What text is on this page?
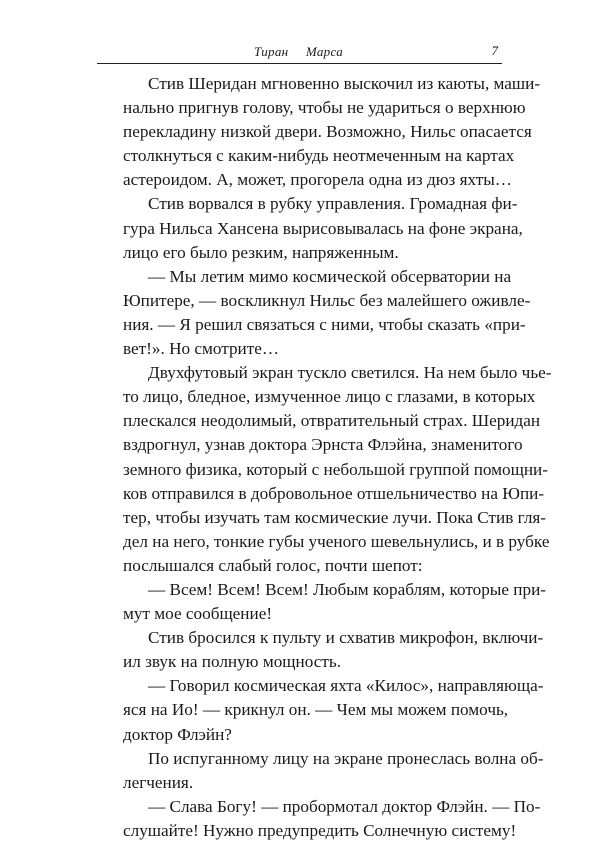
Тиран Марса	7
Стив Шеридан мгновенно выскочил из каюты, маши-
нально пригнув голову, чтобы не удариться о верхнюю
перекладину низкой двери. Возможно, Нильс опасается
столкнуться с каким-нибудь неотмеченным на картах
астероидом. А, может, прогорела одна из дюз яхты…
Стив ворвался в рубку управления. Громадная фи-
гура Нильса Хансена вырисовывалась на фоне экрана,
лицо его было резким, напряженным.
— Мы летим мимо космической обсерватории на
Юпитере, — воскликнул Нильс без малейшего оживле-
ния. — Я решил связаться с ними, чтобы сказать «при-
вет!». Но смотрите…
Двухфутовый экран тускло светился. На нем было чье-
то лицо, бледное, измученное лицо с глазами, в которых
плескался неодолимый, отвратительный страх. Шеридан
вздрогнул, узнав доктора Эрнста Флэйна, знаменитого
земного физика, который с небольшой группой помощни-
ков отправился в добровольное отшельничество на Юпи-
тер, чтобы изучать там космические лучи. Пока Стив гля-
дел на него, тонкие губы ученого шевельнулись, и в рубке
послышался слабый голос, почти шепот:
— Всем! Всем! Всем! Любым кораблям, которые при-
мут мое сообщение!
Стив бросился к пульту и схватив микрофон, включи-
ил звук на полную мощность.
— Говорил космическая яхта «Килос», направляюща-
яся на Ио! — крикнул он. — Чем мы можем помочь,
доктор Флэйн?
По испуганному лицу на экране пронеслась волна об-
легчения.
— Слава Богу! — пробормотал доктор Флэйн. — По-
слушайте! Нужно предупредить Солнечную систему!
